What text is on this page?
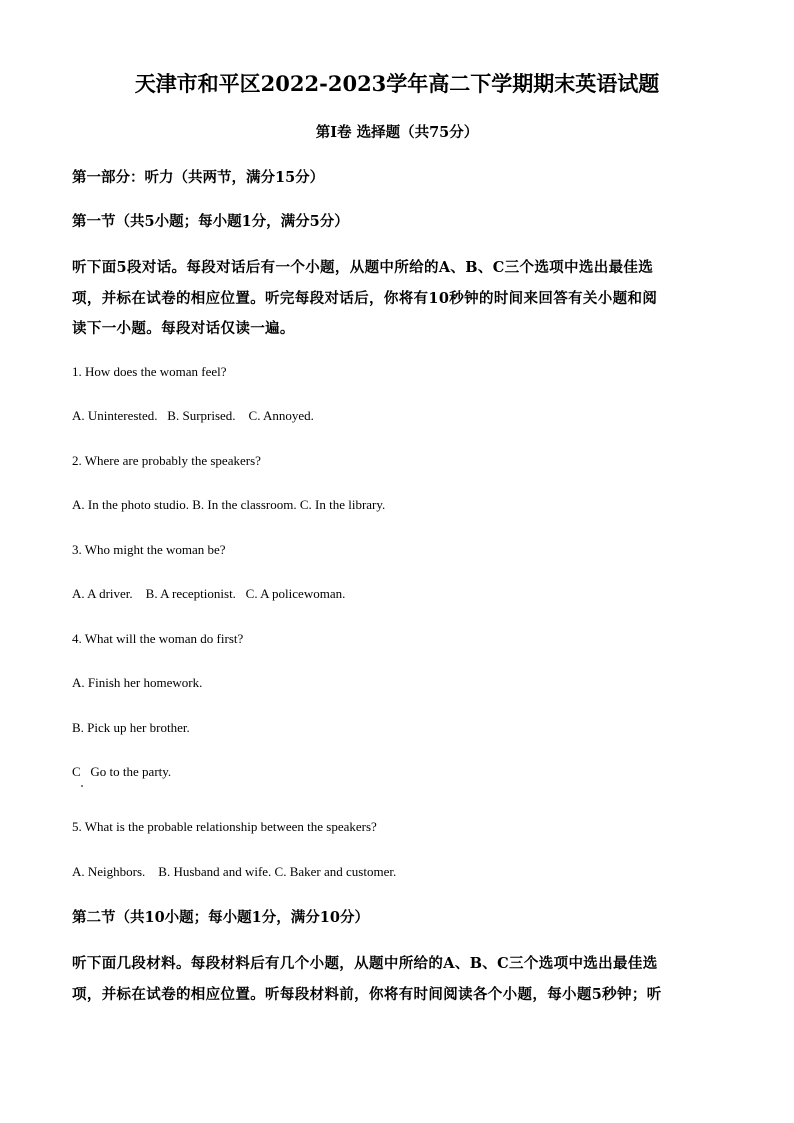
天津市和平区2022-2023学年高二下学期期末英语试题
第Ⅰ卷 选择题（共75分）
第一部分：听力（共两节，满分15分）
第一节（共5小题；每小题1分，满分5分）
听下面5段对话。每段对话后有一个小题，从题中所给的A、B、C三个选项中选出最佳选
项，并标在试卷的相应位置。听完每段对话后，你将有10秒钟的时间来回答有关小题和阅
读下一小题。每段对话仅读一遍。
1. How does the woman feel?
A. Uninterested.   B. Surprised.    C. Annoyed.
2. Where are probably the speakers?
A. In the photo studio. B. In the classroom. C. In the library.
3. Who might the woman be?
A. A driver.    B. A receptionist.   C. A policewoman.
4. What will the woman do first?
A. Finish her homework.
B. Pick up her brother.
C   Go to the party.
5. What is the probable relationship between the speakers?
A. Neighbors.    B. Husband and wife. C. Baker and customer.
第二节（共10小题；每小题1分，满分10分）
听下面几段材料。每段材料后有几个小题，从题中所给的A、B、C三个选项中选出最佳选
项，并标在试卷的相应位置。听每段材料前，你将有时间阅读各个小题，每小题5秒钟；听
